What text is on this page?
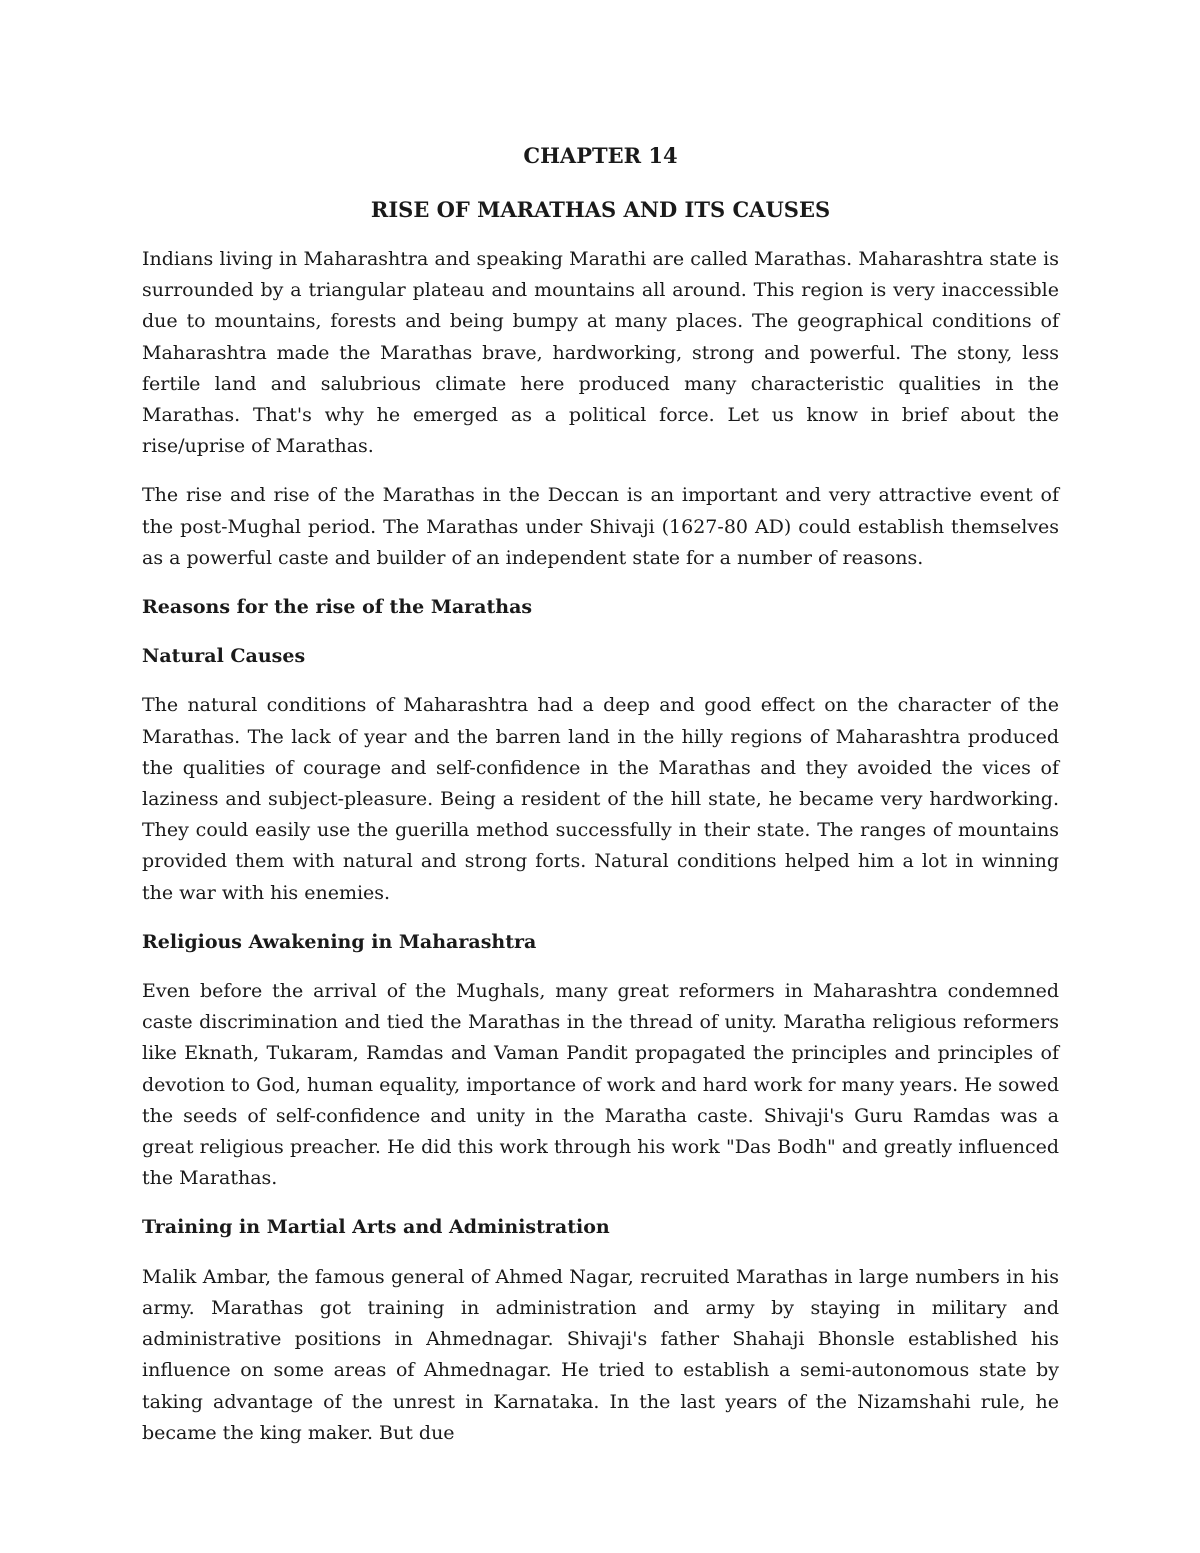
CHAPTER 14
RISE OF MARATHAS AND ITS CAUSES

Indians living in Maharashtra and speaking Marathi are called Marathas. Maharashtra state is surrounded by a triangular plateau and mountains all around. This region is very inaccessible due to mountains, forests and being bumpy at many places. The geographical conditions of Maharashtra made the Marathas brave, hardworking, strong and powerful. The stony, less fertile land and salubrious climate here produced many characteristic qualities in the Marathas. That's why he emerged as a political force. Let us know in brief about the rise/uprise of Marathas.

The rise and rise of the Marathas in the Deccan is an important and very attractive event of the post-Mughal period. The Marathas under Shivaji (1627-80 AD) could establish themselves as a powerful caste and builder of an independent state for a number of reasons.

Reasons for the rise of the Marathas

Natural Causes

The natural conditions of Maharashtra had a deep and good effect on the character of the Marathas. The lack of year and the barren land in the hilly regions of Maharashtra produced the qualities of courage and self-confidence in the Marathas and they avoided the vices of laziness and subject-pleasure. Being a resident of the hill state, he became very hardworking. They could easily use the guerilla method successfully in their state. The ranges of mountains provided them with natural and strong forts. Natural conditions helped him a lot in winning the war with his enemies.

Religious Awakening in Maharashtra

Even before the arrival of the Mughals, many great reformers in Maharashtra condemned caste discrimination and tied the Marathas in the thread of unity. Maratha religious reformers like Eknath, Tukaram, Ramdas and Vaman Pandit propagated the principles and principles of devotion to God, human equality, importance of work and hard work for many years. He sowed the seeds of self-confidence and unity in the Maratha caste. Shivaji's Guru Ramdas was a great religious preacher. He did this work through his work "Das Bodh" and greatly influenced the Marathas.

Training in Martial Arts and Administration

Malik Ambar, the famous general of Ahmed Nagar, recruited Marathas in large numbers in his army. Marathas got training in administration and army by staying in military and administrative positions in Ahmednagar. Shivaji's father Shahaji Bhonsle established his influence on some areas of Ahmednagar. He tried to establish a semi-autonomous state by taking advantage of the unrest in Karnataka. In the last years of the Nizamshahi rule, he became the king maker. But due
